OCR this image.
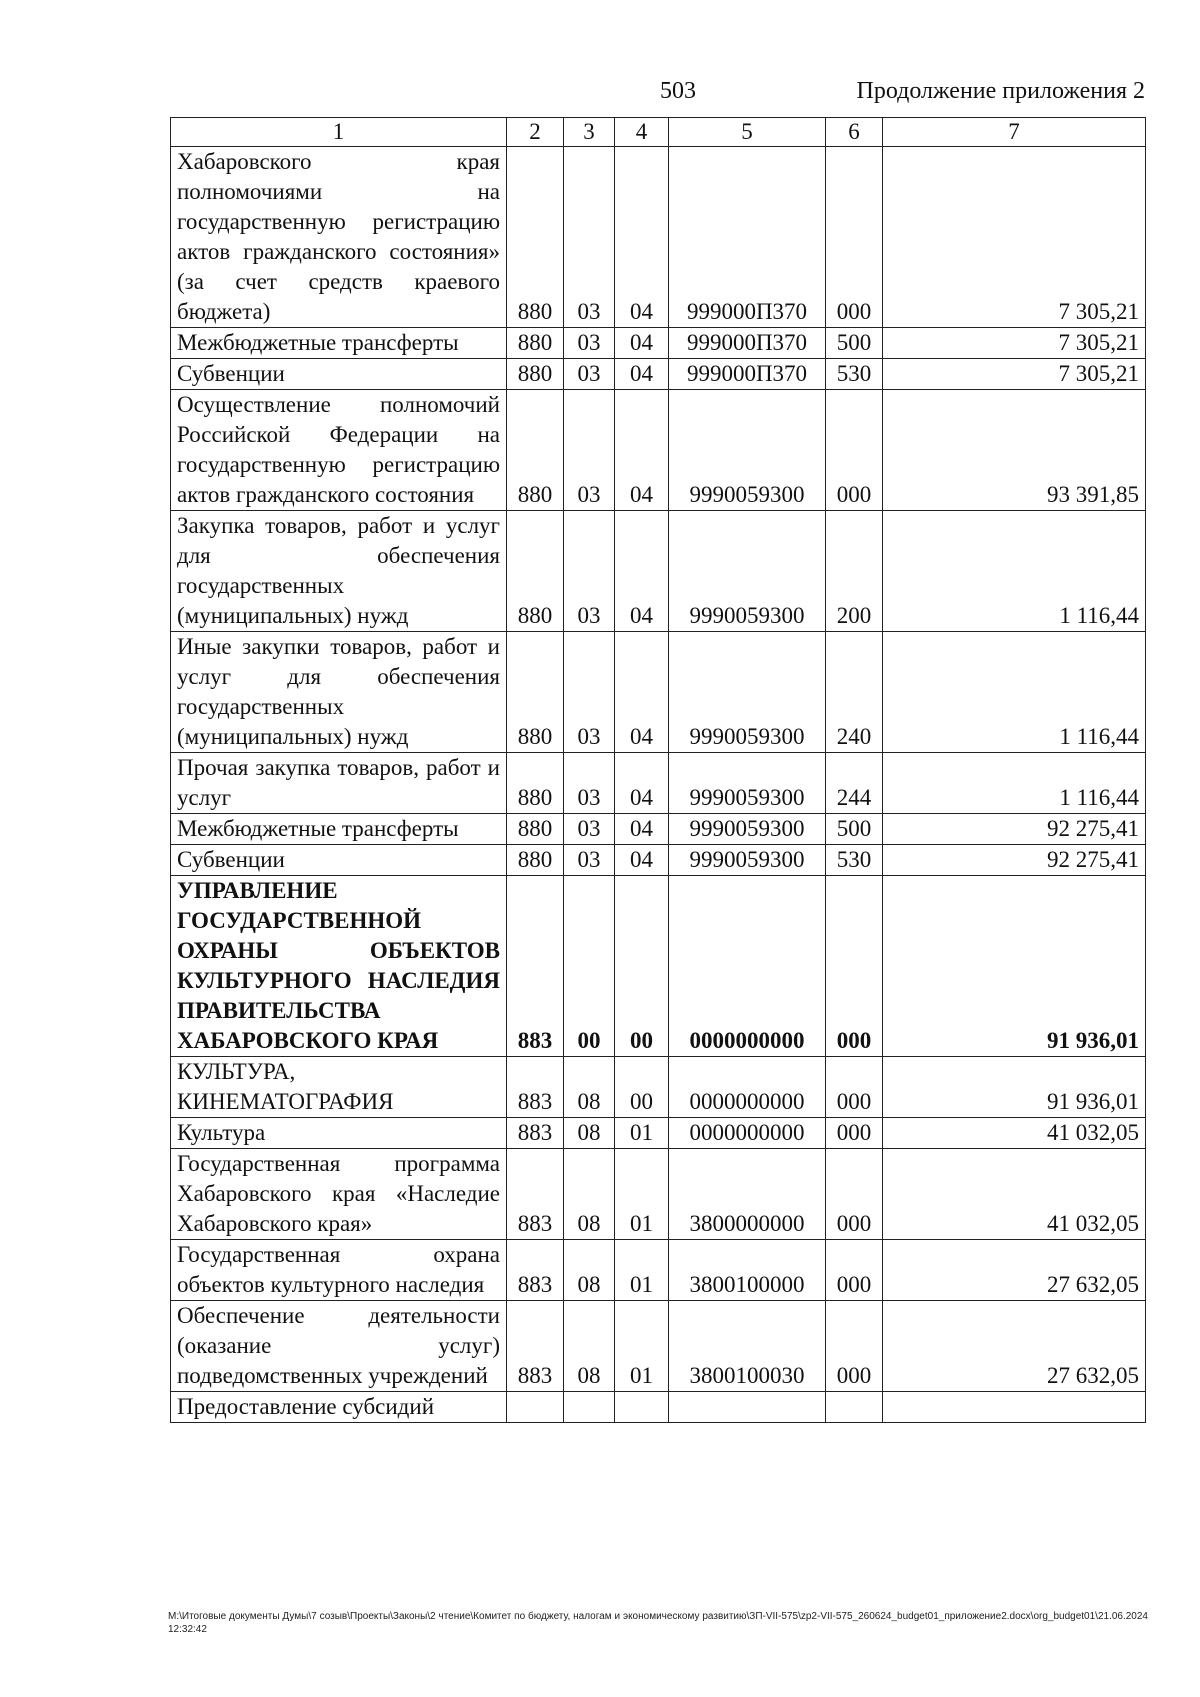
503	Продолжение приложения 2
1	2	3	4	5	6	7
Хабаровского края полномочиями на государственную регистрацию актов гражданского состояния» (за счет средств краевого бюджета)	880	03	04	999000П370	000	7 305,21
Межбюджетные трансферты	880	03	04	999000П370	500	7 305,21
Субвенции	880	03	04	999000П370	530	7 305,21
Осуществление полномочий Российской Федерации на государственную регистрацию актов гражданского состояния	880	03	04	9990059300	000	93 391,85
Закупка товаров, работ и услуг для обеспечения государственных (муниципальных) нужд	880	03	04	9990059300	200	1 116,44
Иные закупки товаров, работ и услуг для обеспечения государственных (муниципальных) нужд	880	03	04	9990059300	240	1 116,44
Прочая закупка товаров, работ и услуг	880	03	04	9990059300	244	1 116,44
Межбюджетные трансферты	880	03	04	9990059300	500	92 275,41
Субвенции	880	03	04	9990059300	530	92 275,41
УПРАВЛЕНИЕ ГОСУДАРСТВЕННОЙ ОХРАНЫ ОБЪЕКТОВ КУЛЬТУРНОГО НАСЛЕДИЯ ПРАВИТЕЛЬСТВА ХАБАРОВСКОГО КРАЯ	883	00	00	0000000000	000	91 936,01
КУЛЬТУРА, КИНЕМАТОГРАФИЯ	883	08	00	0000000000	000	91 936,01
Культура	883	08	01	0000000000	000	41 032,05
Государственная программа Хабаровского края «Наследие Хабаровского края»	883	08	01	3800000000	000	41 032,05
Государственная охрана объектов культурного наследия	883	08	01	3800100000	000	27 632,05
Обеспечение деятельности (оказание услуг) подведомственных учреждений	883	08	01	3800100030	000	27 632,05
Предоставление субсидий						
M:\Итоговые документы Думы\7 созыв\Проекты\Законы\2 чтение\Комитет по бюджету, налогам и экономическому развитию\ЗП-VII-575\zp2-VII-575_260624_budget01_приложение2.docx\org_budget01\21.06.2024 12:32:42
